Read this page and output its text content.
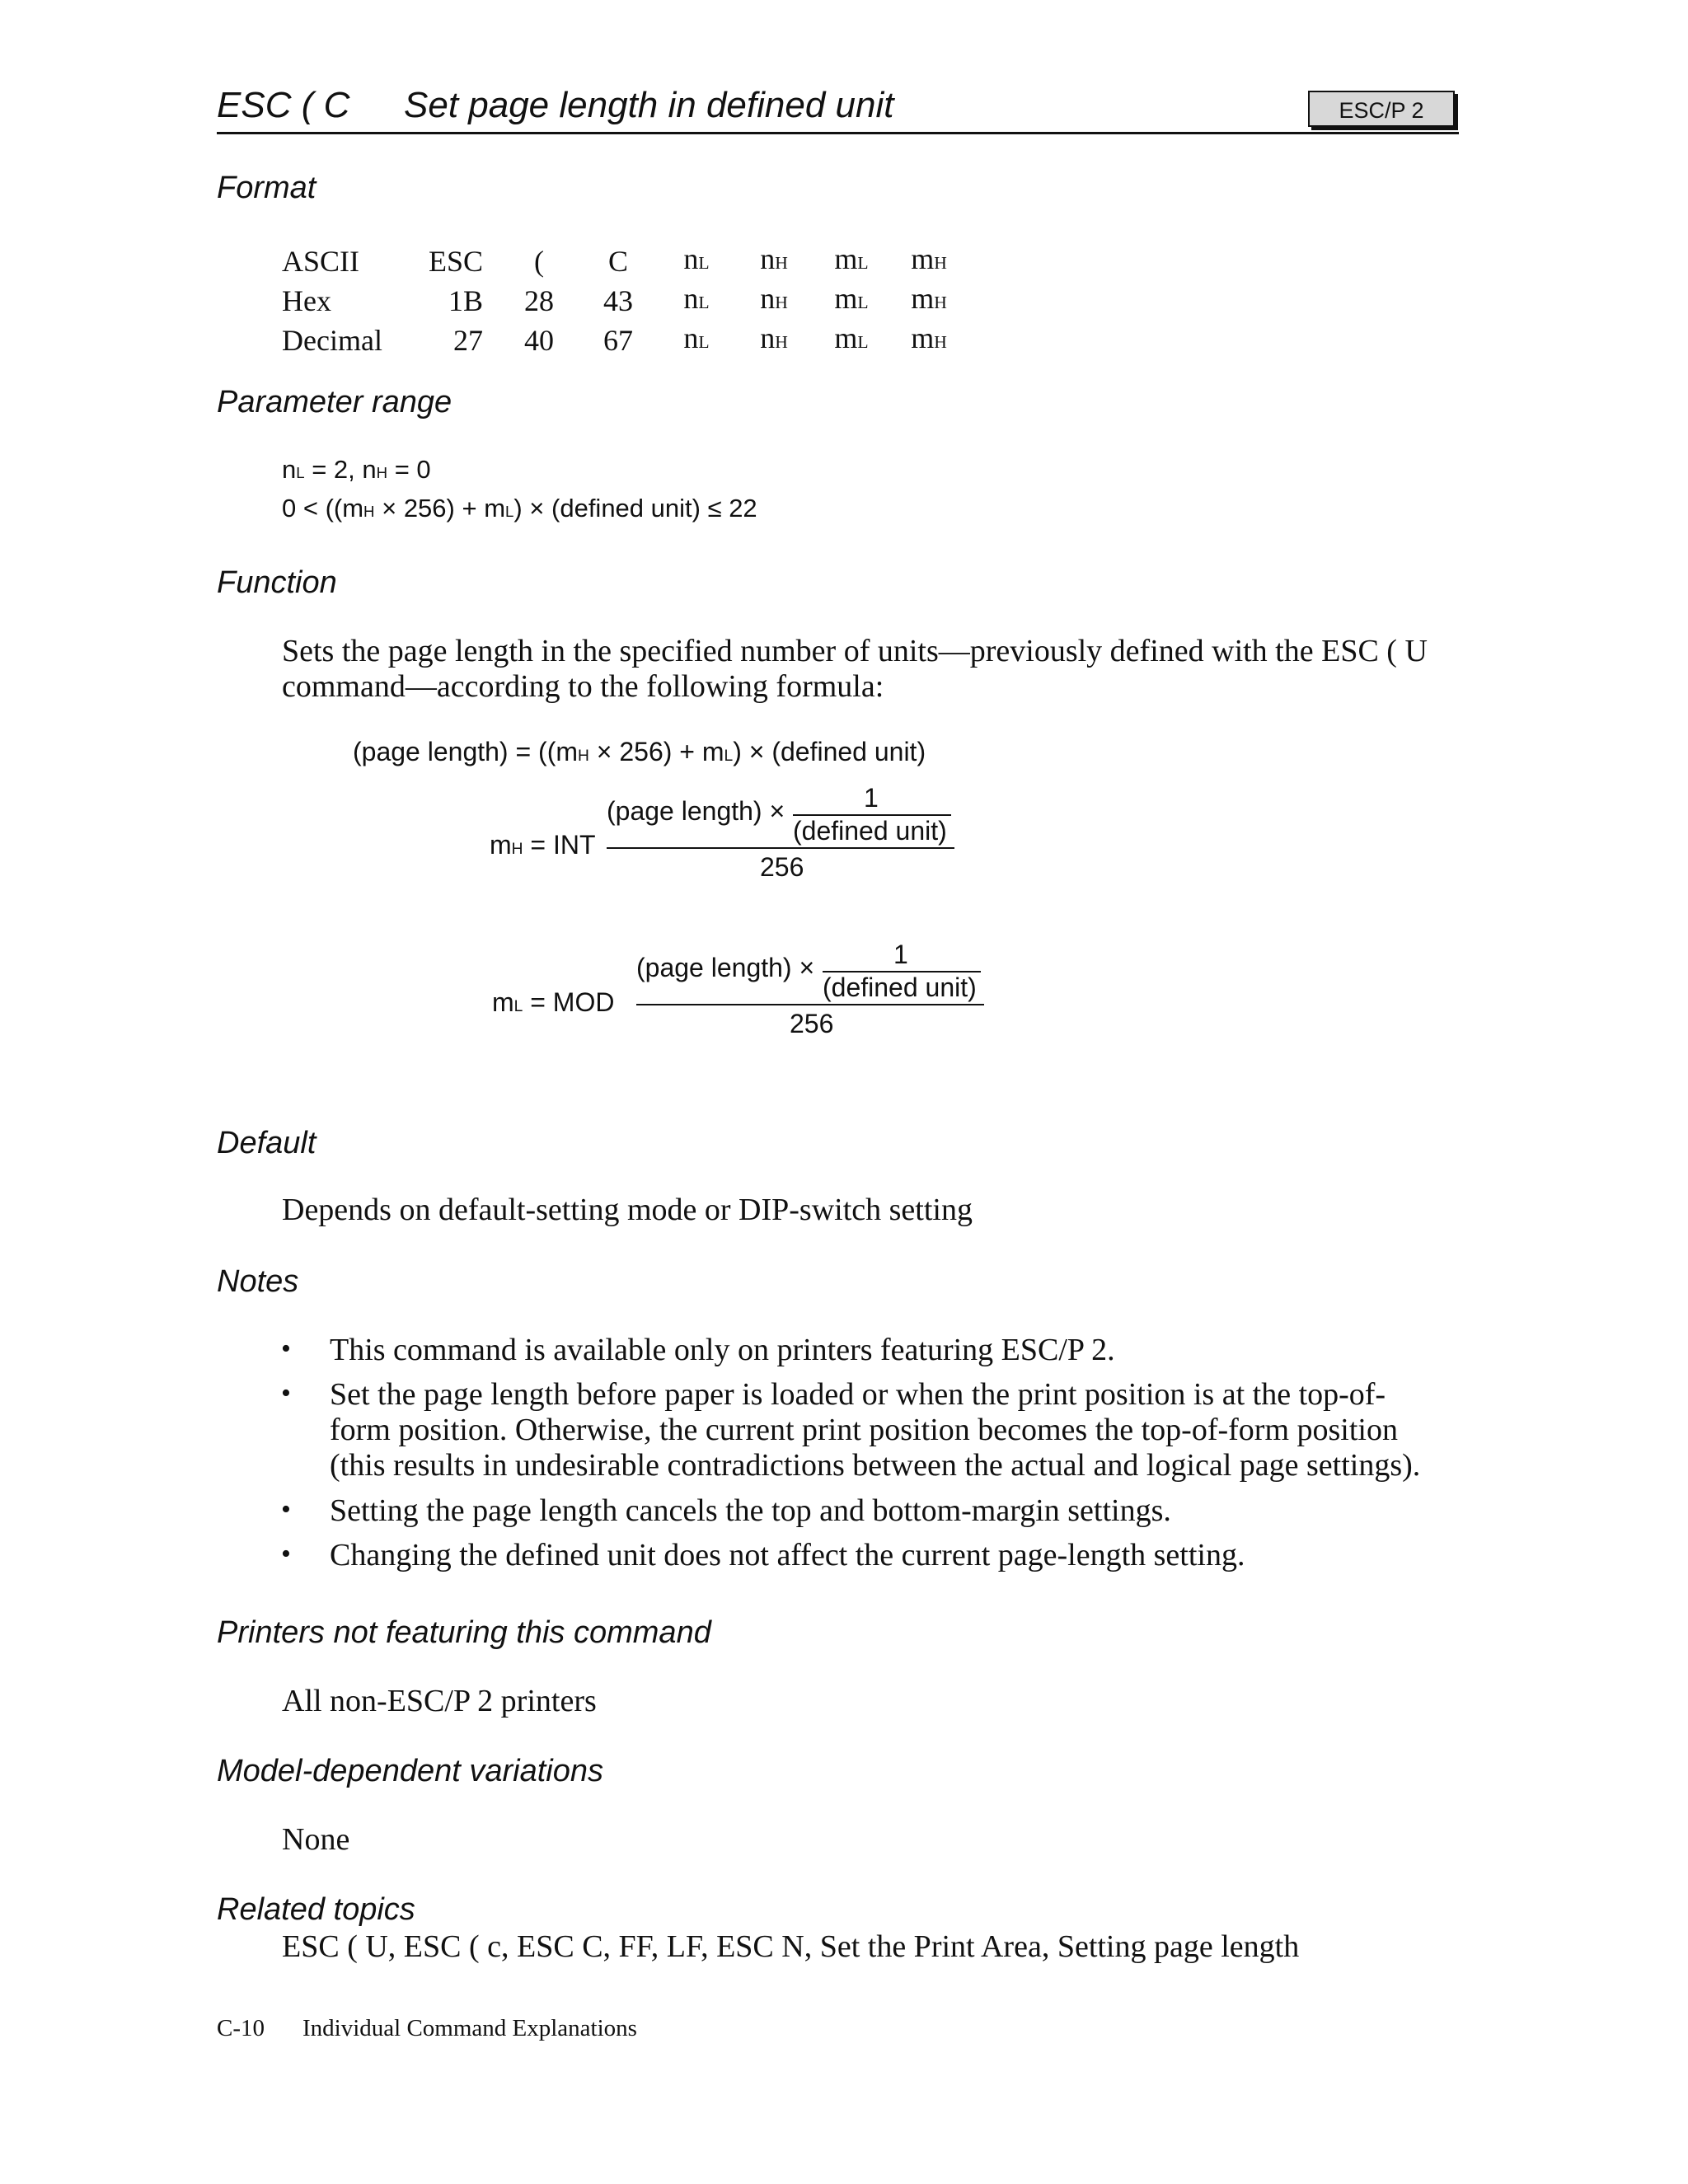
ESC ( C Set page length in defined unit	ESC/P 2
Format
ASCII	ESC	(	C	nL	nH	mL	mH
Hex	1B	28	43	nL	nH	mL	mH
Decimal	27	40	67	nL	nH	mL	mH
Parameter range
nL = 2, nH = 0
0 < ((mH × 256) + mL) × (defined unit) ≤ 22
Function
Sets the page length in the specified number of units—previously defined with the ESC ( U
command—according to the following formula:
(page length) = ((mH × 256) + mL) × (defined unit)
mH = INT
(page length) ×	1
(defined unit)
256
mL = MOD
(page length) ×	1
(defined unit)
256
Default
Depends on default-setting mode or DIP-switch setting
Notes
• This command is available only on printers featuring ESC/P 2.
• Set the page length before paper is loaded or when the print position is at the top-of-
form position. Otherwise, the current print position becomes the top-of-form position
(this results in undesirable contradictions between the actual and logical page settings).
• Setting the page length cancels the top and bottom-margin settings.
• Changing the defined unit does not affect the current page-length setting.
Printers not featuring this command
All non-ESC/P 2 printers
Model-dependent variations
None
Related topics
ESC ( U, ESC ( c, ESC C, FF, LF, ESC N, Set the Print Area, Setting page length
C-10 Individual Command Explanations
